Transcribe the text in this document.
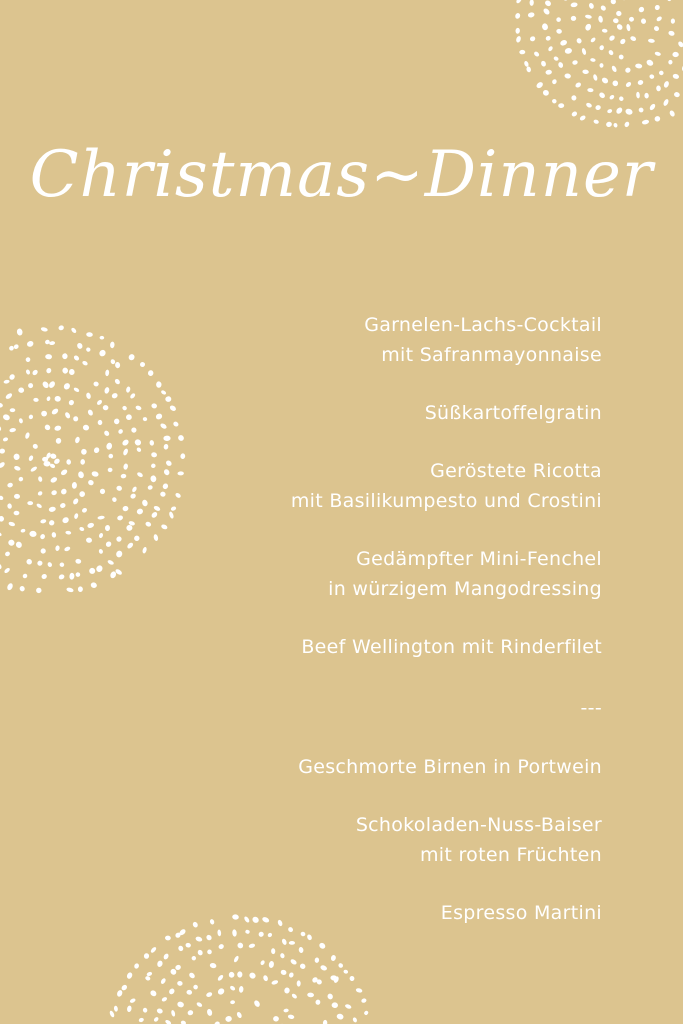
Christmas~Dinner
Garnelen-Lachs-Cocktail
mit Safranmayonnaise
Süßkartoffelgratin
Geröstete Ricotta
mit Basilikumpesto und Crostini
Gedämpfter Mini-Fenchel
in würzigem Mangodressing
Beef Wellington mit Rinderfilet
---
Geschmorte Birnen in Portwein
Schokoladen-Nuss-Baiser
mit roten Früchten
Espresso Martini
